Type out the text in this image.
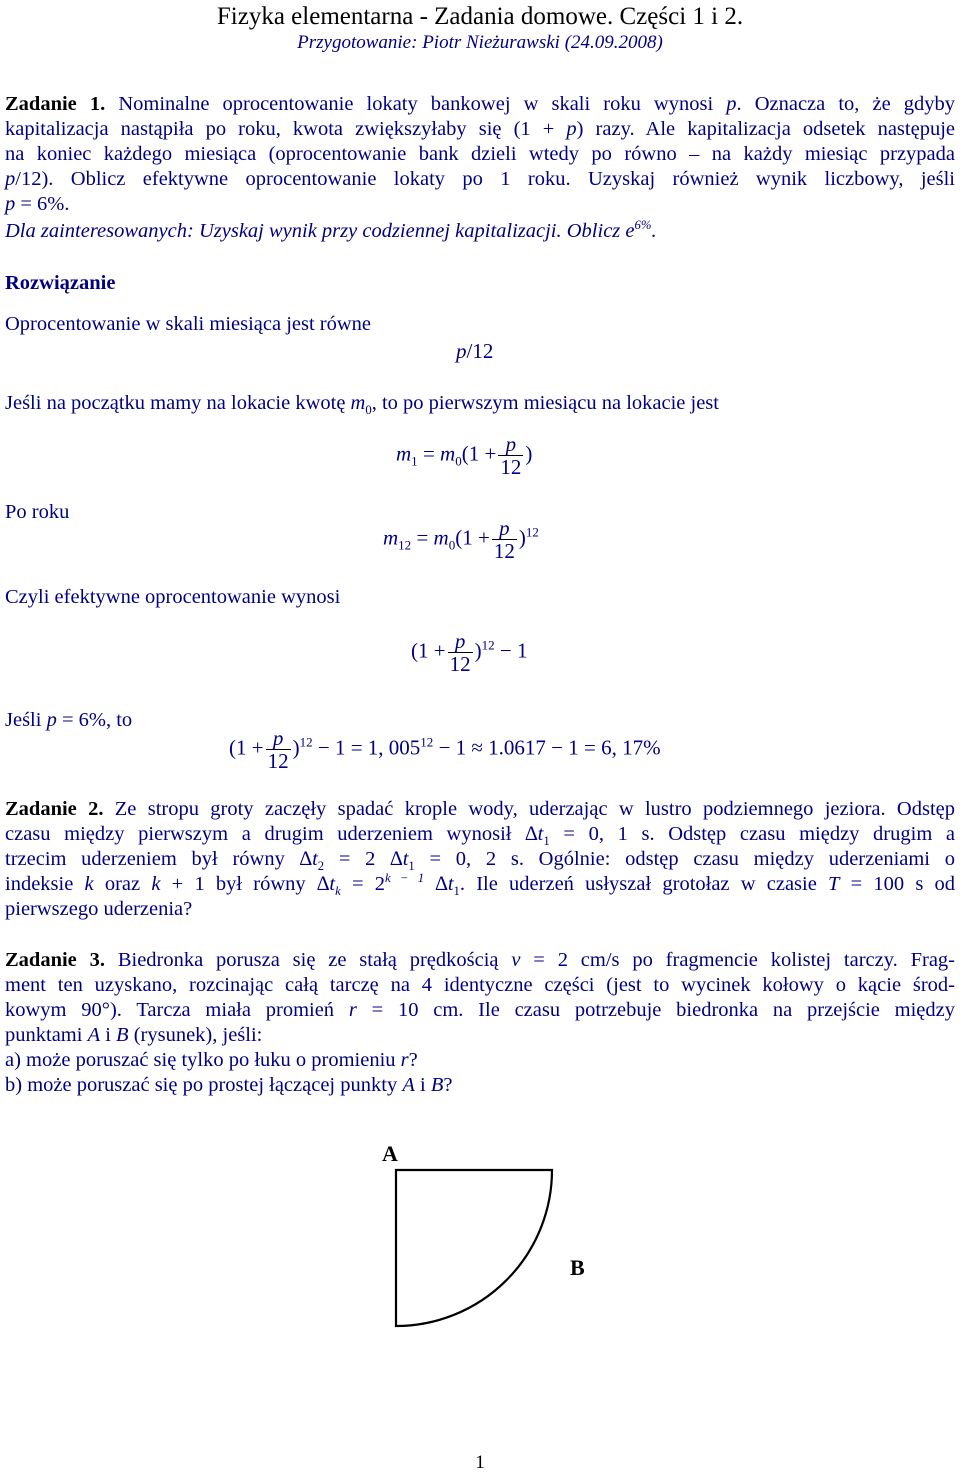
Fizyka elementarna - Zadania domowe. Części 1 i 2.
Przygotowanie: Piotr Nieżurawski (24.09.2008)
Zadanie 1. Nominalne oprocentowanie lokaty bankowej w skali roku wynosi p. Oznacza to, że gdyby
kapitalizacja nastąpiła po roku, kwota zwiększyłaby się (1 + p) razy. Ale kapitalizacja odsetek następuje
na koniec każdego miesiąca (oprocentowanie bank dzieli wtedy po równo – na każdy miesiąc przypada
p/12). Oblicz efektywne oprocentowanie lokaty po 1 roku. Uzyskaj również wynik liczbowy, jeśli
p = 6%.
Dla zainteresowanych: Uzyskaj wynik przy codziennej kapitalizacji. Oblicz $e^{6\%}$.
Rozwiązanie
Oprocentowanie w skali miesiąca jest równe
p/12
Jeśli na początku mamy na lokacie kwotę $m_0$, to po pierwszym miesiącu na lokacie jest
$m_1 = m_0(1 + \frac{p}{12}$ )
Po roku
$m_{12} = m_0(1 + \frac{p}{12} )^{12}$
Czyli efektywne oprocentowanie wynosi
$(1 + \frac{p}{12} )^{12} - 1$
Jeśli p = 6%, to
$(1 + \frac{p}{12} )^{12} - 1 = 1$, $005^{12} - 1 \approx 1.0617 - 1 = 6$, 17%
Zadanie 2. Ze stropu groty zaczęły spadać krople wody, uderzając w lustro podziemnego jeziora. Odstęp
czasu między pierwszym a drugim uderzeniem wynosił $\Delta t_1 = 0$, 1 s. Odstęp czasu między drugim a
trzecim uderzeniem był równy $\Delta t_2 = 2$ $\Delta t_1 = 0$, 2 s. Ogólnie: odstęp czasu między uderzeniami o
indeksie k oraz k + 1 był równy $\Delta t_k = 2^{k - 1}$ $\Delta t_1$. Ile uderzeń usłyszał grotołaz w czasie T = 100 s od
pierwszego uderzenia?
Zadanie 3. Biedronka porusza się ze stałą prędkością v = 2 cm/s po fragmencie kolistej tarczy. Frag-
ment ten uzyskano, rozcinając całą tarczę na 4 identyczne części (jest to wycinek kołowy o kącie środ-
kowym 90°). Tarcza miała promień r = 10 cm. Ile czasu potrzebuje biedronka na przejście między
punktami A i B (rysunek), jeśli:
a) może poruszać się tylko po łuku o promieniu r?
b) może poruszać się po prostej łączącej punkty A i B?
A
B
1
